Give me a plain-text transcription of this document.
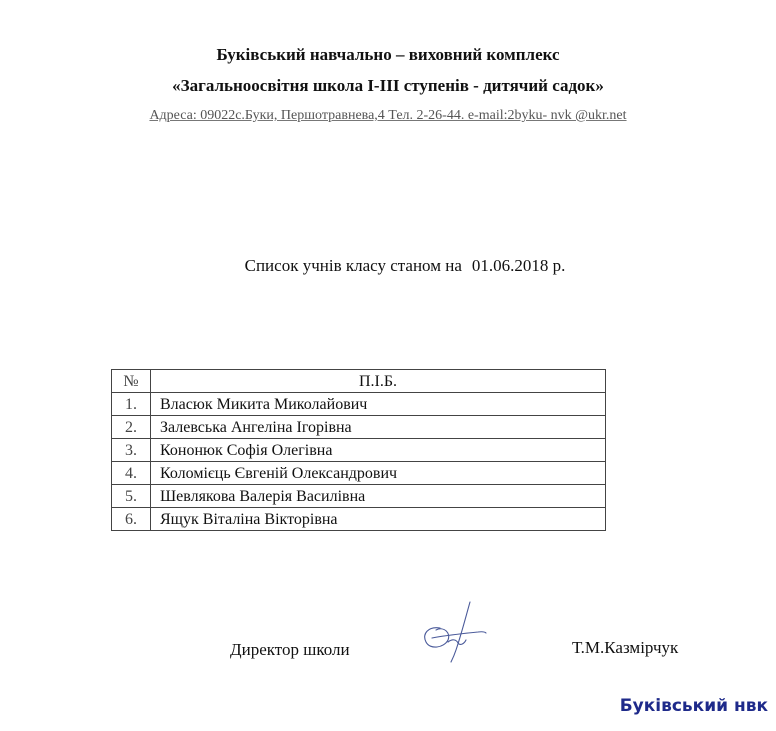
Буківський навчально – виховний комплекс
«Загальноосвітня школа І-ІІІ ступенів - дитячий садок»
Адреса: 09022с.Буки, Першотравнева,4 Тел. 2-26-44. e-mail:2byku- nvk @ukr.net
Список учнів класу станом на 01.06.2018 р.
№	П.І.Б.
1.	Власюк Микита Миколайович
2.	Залевська Ангеліна Ігорівна
3.	Кононюк Софія Олегівна
4.	Коломієць Євгеній Олександрович
5.	Шевлякова Валерія Василівна
6.	Ящук Віталіна Вікторівна
Директор школи	Т.М.Казмірчук
Буківський нвк
